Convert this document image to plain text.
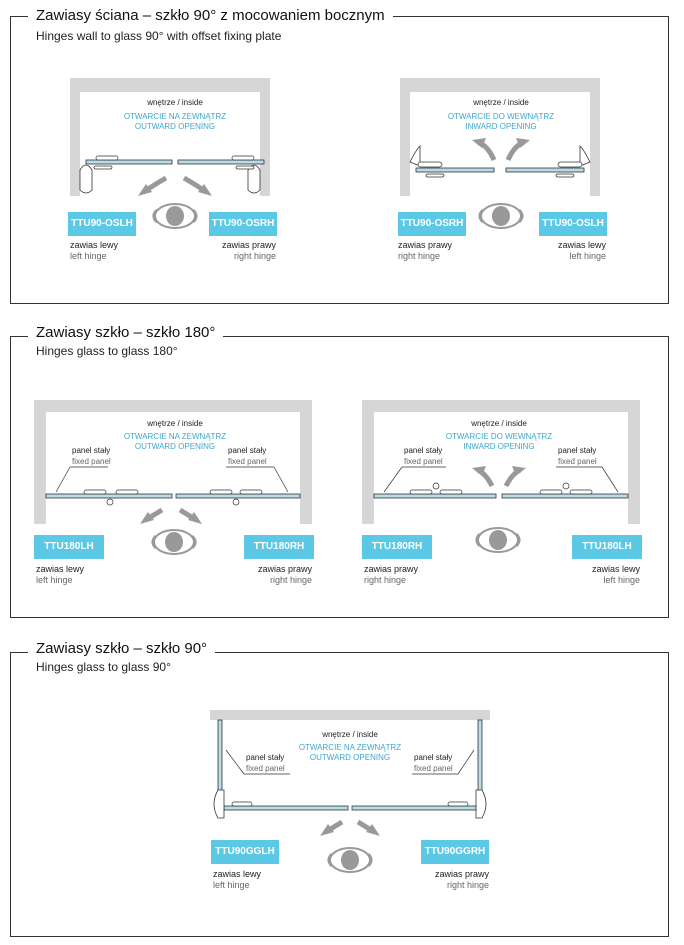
Zawiasy ściana – szkło 90° z mocowaniem bocznym
Hinges wall to glass 90° with offset fixing plate
wnętrze / inside
OTWARCIE NA ZEWNĄTRZ
OUTWARD OPENING
TTU90-OSLH	TTU90-OSRH
zawias lewy
left hinge
zawias prawy
right hinge
wnętrze / inside
OTWARCIE DO WEWNĄTRZ
INWARD OPENING
TTU90-OSRH	TTU90-OSLH
zawias prawy
right hinge
zawias lewy
left hinge
Zawiasy szkło – szkło 180°
Hinges glass to glass 180°
wnętrze / inside
OTWARCIE NA ZEWNĄTRZ
OUTWARD OPENING
panel stały
fixed panel
panel stały
fixed panel
TTU180LH	TTU180RH
zawias lewy
left hinge
zawias prawy
right hinge
wnętrze / inside
OTWARCIE DO WEWNĄTRZ
INWARD OPENING
panel stały
fixed panel
panel stały
fixed panel
TTU180RH	TTU180LH
zawias prawy
right hinge
zawias lewy
left hinge
Zawiasy szkło – szkło 90°
Hinges glass to glass 90°
wnętrze / inside
OTWARCIE NA ZEWNĄTRZ
OUTWARD OPENING
panel stały
fixed panel
panel stały
fixed panel
TTU90GGLH	TTU90GGRH
zawias lewy
left hinge
zawias prawy
right hinge
